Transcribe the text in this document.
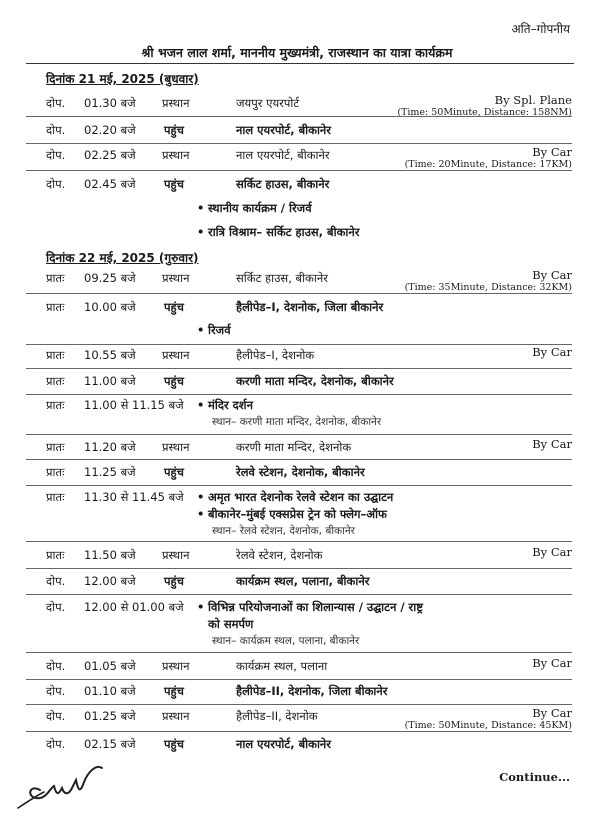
अति–गोपनीय
श्री भजन लाल शर्मा, माननीय मुख्यमंत्री, राजस्थान का यात्रा कार्यक्रम
दिनांक 21 मई, 2025 (बुधवार)
दोप. 01.30 बजे प्रस्थान	जयपुर एयरपोर्ट	By Spl. Plane
(Time: 50Minute, Distance: 158NM)
दोप. 02.20 बजे पहुंच	नाल एयरपोर्ट, बीकानेर
दोप. 02.25 बजे प्रस्थान	नाल एयरपोर्ट, बीकानेर	By Car
(Time: 20Minute, Distance: 17KM)
दोप. 02.45 बजे पहुंच	सर्किट हाउस, बीकानेर
• स्थानीय कार्यक्रम / रिजर्व
• रात्रि विश्राम– सर्किट हाउस, बीकानेर
दिनांक 22 मई, 2025 (गुरुवार)
प्रातः 09.25 बजे प्रस्थान	सर्किट हाउस, बीकानेर	By Car
(Time: 35Minute, Distance: 32KM)
प्रातः 10.00 बजे पहुंच	हैलीपेड–I, देशनोक, जिला बीकानेर
• रिजर्व
प्रातः 10.55 बजे प्रस्थान	हैलीपेड–I, देशनोक	By Car
प्रातः 11.00 बजे पहुंच	करणी माता मन्दिर, देशनोक, बीकानेर
प्रातः 11.00 से 11.15 बजे • मंदिर दर्शन
स्थान– करणी माता मन्दिर, देशनोक, बीकानेर
प्रातः 11.20 बजे प्रस्थान	करणी माता मन्दिर, देशनोक	By Car
प्रातः 11.25 बजे पहुंच	रेलवे स्टेशन, देशनोक, बीकानेर
प्रातः 11.30 से 11.45 बजे • अमृत भारत देशनोक रेलवे स्टेशन का उद्घाटन
• बीकानेर–मुंबई एक्सप्रेस ट्रेन को फ्लेग–ऑफ
स्थान– रेलवे स्टेशन, देशनोक, बीकानेर
प्रातः 11.50 बजे प्रस्थान	रेलवे स्टेशन, देशनोक	By Car
दोप. 12.00 बजे पहुंच	कार्यक्रम स्थल, पलाना, बीकानेर
दोप. 12.00 से 01.00 बजे • विभिन्न परियोजनाओं का शिलान्यास / उद्घाटन / राष्ट्र
को समर्पण
स्थान– कार्यक्रम स्थल, पलाना, बीकानेर
दोप. 01.05 बजे प्रस्थान	कार्यक्रम स्थल, पलाना	By Car
दोप. 01.10 बजे पहुंच	हैलीपेड–II, देशनोक, जिला बीकानेर
दोप. 01.25 बजे प्रस्थान	हैलीपेड–II, देशनोक	By Car
(Time: 50Minute, Distance: 45KM)
दोप. 02.15 बजे पहुंच	नाल एयरपोर्ट, बीकानेर
Continue...
